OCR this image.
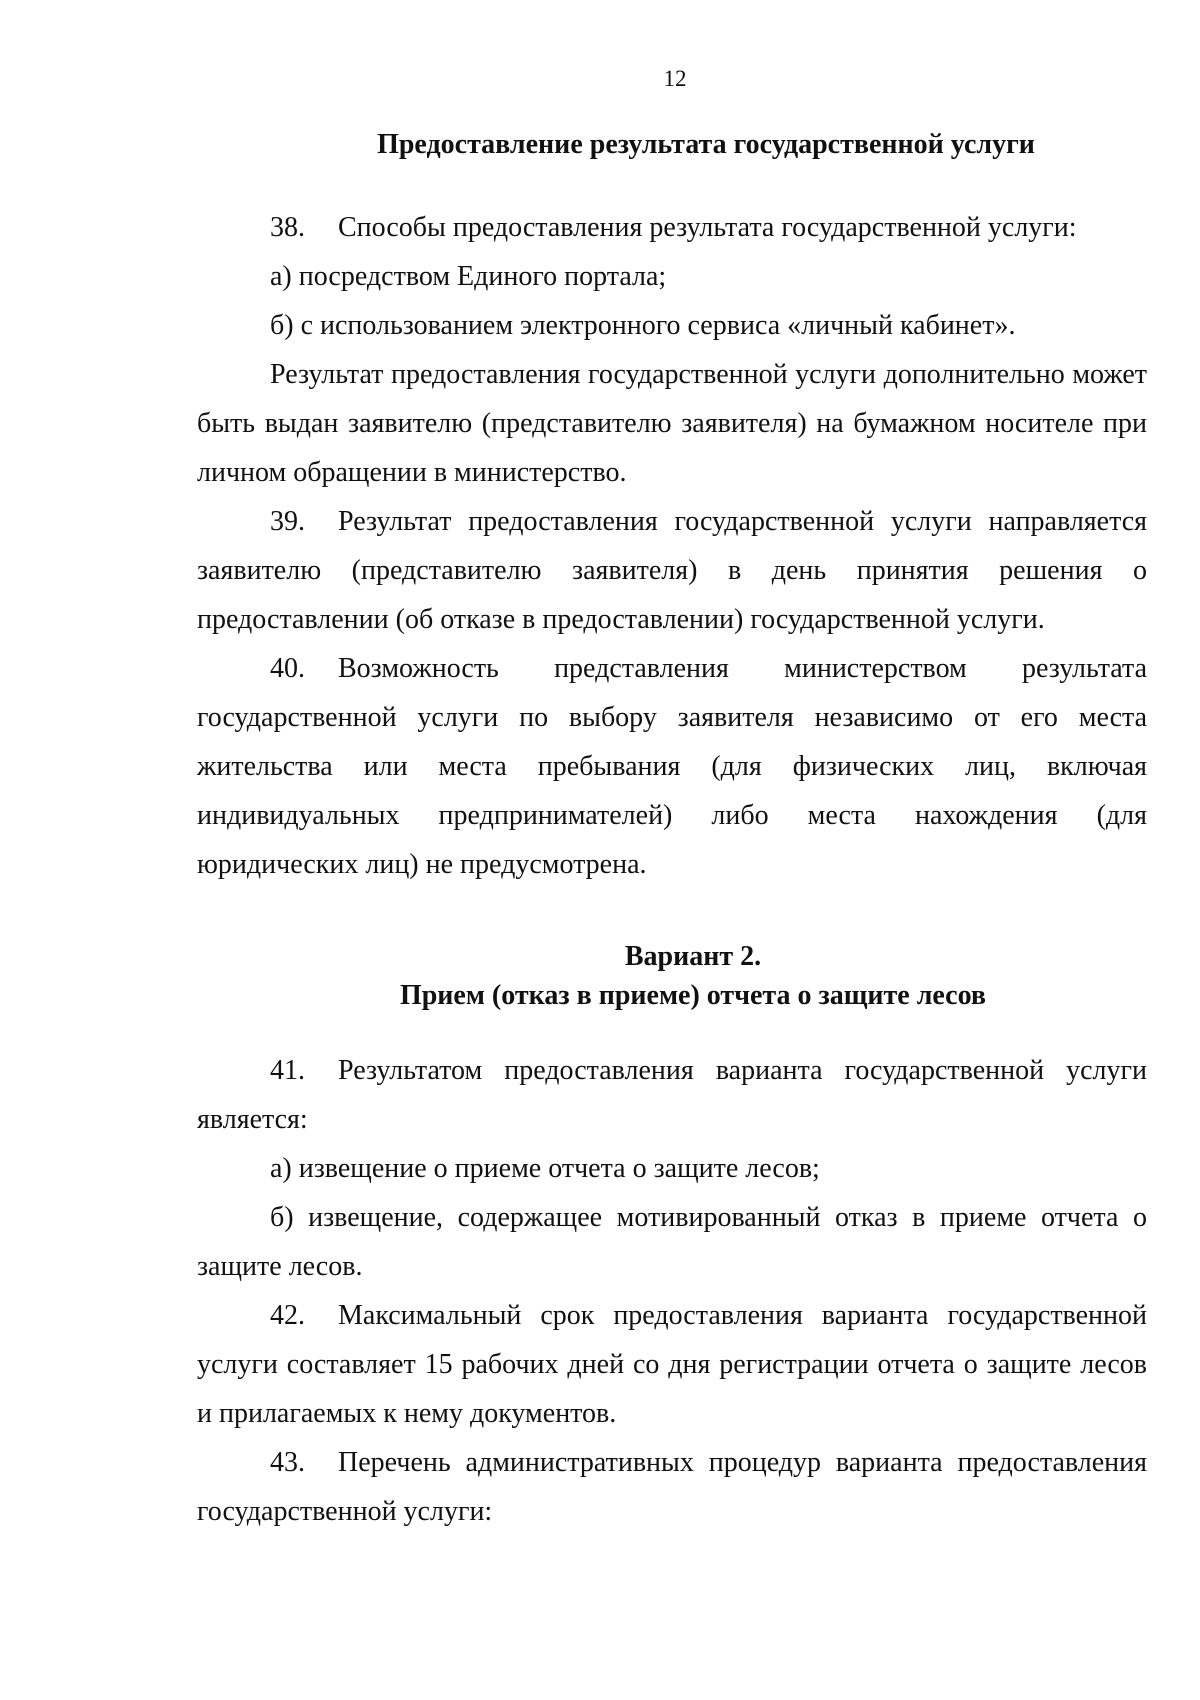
12
Предоставление результата государственной услуги

38. Способы предоставления результата государственной услуги:

а) посредством Единого портала;

б) с использованием электронного сервиса «личный кабинет».

Результат предоставления государственной услуги дополнительно может быть выдан заявителю (представителю заявителя) на бумажном носителе при личном обращении в министерство.

39. Результат предоставления государственной услуги направляется заявителю (представителю заявителя) в день принятия решения о предоставлении (об отказе в предоставлении) государственной услуги.

40. Возможность представления министерством результата государственной услуги по выбору заявителя независимо от его места жительства или места пребывания (для физических лиц, включая индивидуальных предпринимателей) либо места нахождения (для юридических лиц) не предусмотрена.

Вариант 2.
Прием (отказ в приеме) отчета о защите лесов

41. Результатом предоставления варианта государственной услуги является:

а) извещение о приеме отчета о защите лесов;

б) извещение, содержащее мотивированный отказ в приеме отчета о защите лесов.

42. Максимальный срок предоставления варианта государственной услуги составляет 15 рабочих дней со дня регистрации отчета о защите лесов и прилагаемых к нему документов.

43. Перечень административных процедур варианта предоставления государственной услуги:
